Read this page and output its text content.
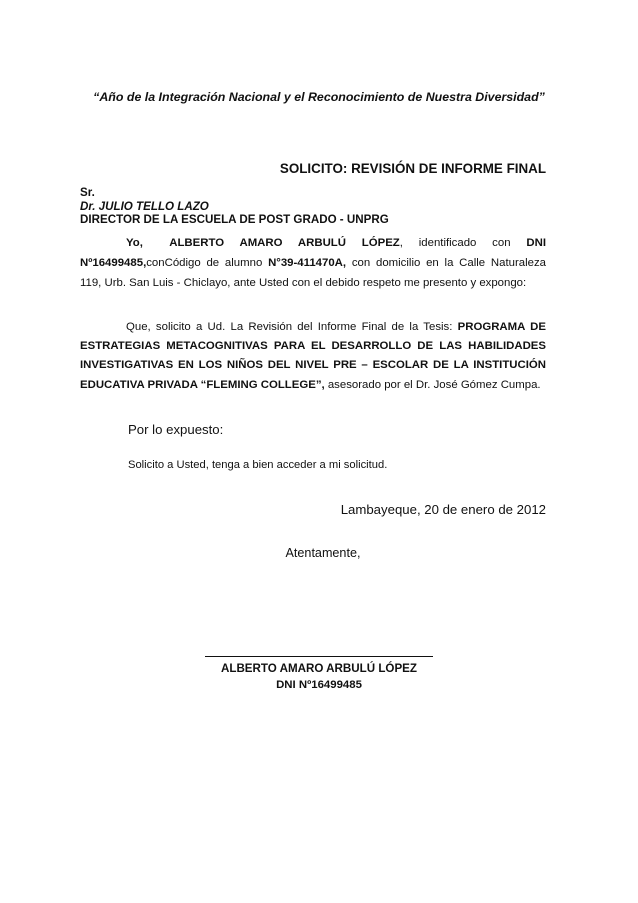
“Año de la Integración Nacional y el Reconocimiento de Nuestra Diversidad”
SOLICITO: REVISIÓN DE INFORME FINAL
Sr.
Dr. JULIO TELLO LAZO
DIRECTOR DE LA ESCUELA DE POST GRADO - UNPRG
Yo, ALBERTO   AMARO   ARBULÚ   LÓPEZ,   identificado   con   DNI Nº16499485,conCódigo de alumno N°39-411470A, con domicilio en la Calle Naturaleza 119, Urb. San Luis - Chiclayo, ante Usted con el debido respeto me presento y expongo:
Que, solicito a Ud. La Revisión del Informe Final de la Tesis: PROGRAMA DE ESTRATEGIAS METACOGNITIVAS PARA EL DESARROLLO DE LAS HABILIDADES INVESTIGATIVAS EN LOS NIÑOS DEL NIVEL PRE – ESCOLAR DE LA INSTITUCIÓN EDUCATIVA PRIVADA “FLEMING COLLEGE”, asesorado por el Dr. José Gómez Cumpa.
Por lo expuesto:
Solicito a Usted, tenga a bien acceder a mi solicitud.
Lambayeque, 20 de enero de 2012
Atentamente,
ALBERTO AMARO ARBULÚ LÓPEZ
DNI Nº16499485
